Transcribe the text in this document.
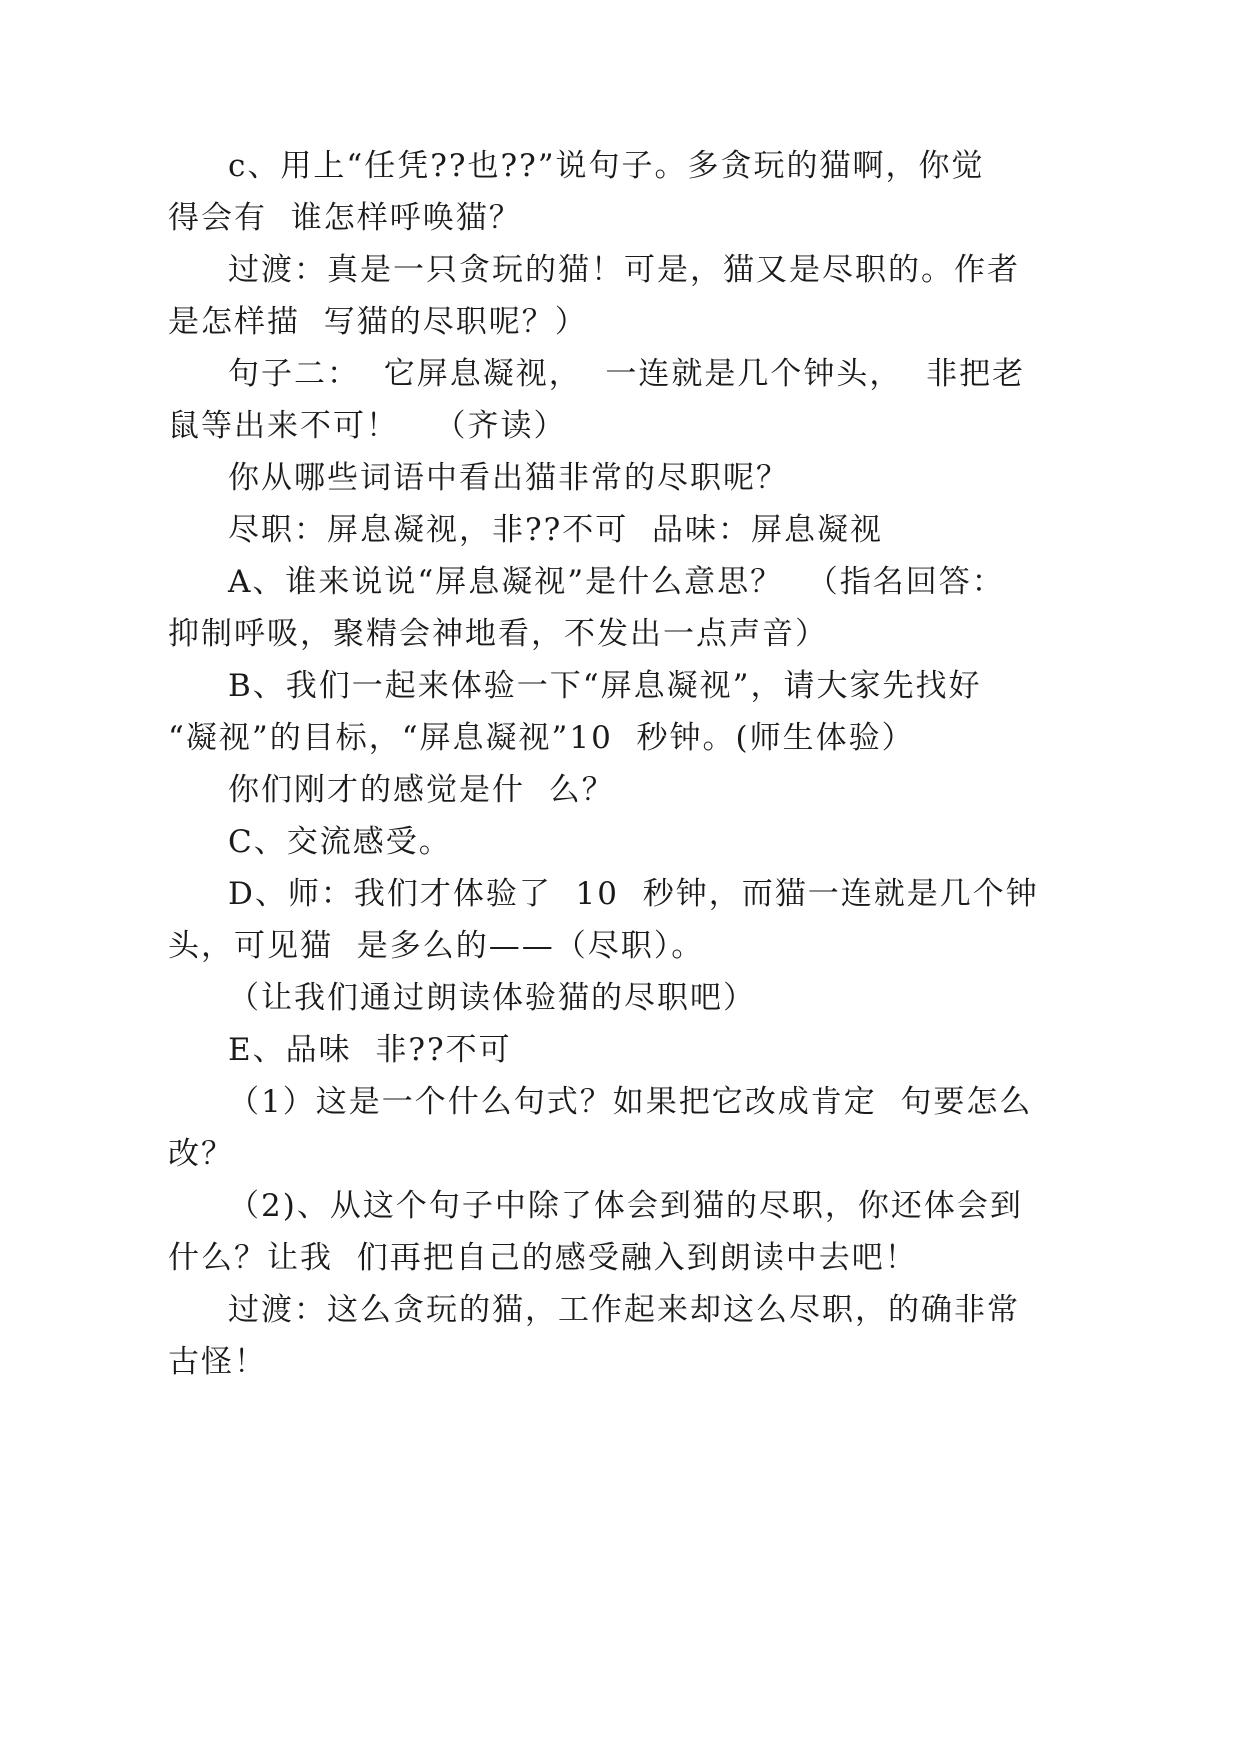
c、用上“任凭??也??”说句子。多贪玩的猫啊，你觉

得会有  谁怎样呼唤猫？

过渡：真是一只贪玩的猫！可是，猫又是尽职的。作者

是怎样描  写猫的尽职呢？）

句子二：  它屏息凝视，  一连就是几个钟头，  非把老

鼠等出来不可！   （齐读）

你从哪些词语中看出猫非常的尽职呢？

尽职：屏息凝视，非??不可  品味：屏息凝视

A、谁来说说“屏息凝视”是什么意思？  （指名回答：

抑制呼吸，聚精会神地看，不发出一点声音）

B、我们一起来体验一下“屏息凝视”，请大家先找好

“凝视”的目标，“屏息凝视”10  秒钟。(师生体验）

你们刚才的感觉是什  么？

C、交流感受。

D、师：我们才体验了  10  秒钟，而猫一连就是几个钟

头，可见猫  是多么的——（尽职）。

（让我们通过朗读体验猫的尽职吧）

E、品味  非??不可

（1）这是一个什么句式？如果把它改成肯定  句要怎么

改？

（2)、从这个句子中除了体会到猫的尽职，你还体会到

什么？让我  们再把自己的感受融入到朗读中去吧！

过渡：这么贪玩的猫，工作起来却这么尽职，的确非常

古怪！
